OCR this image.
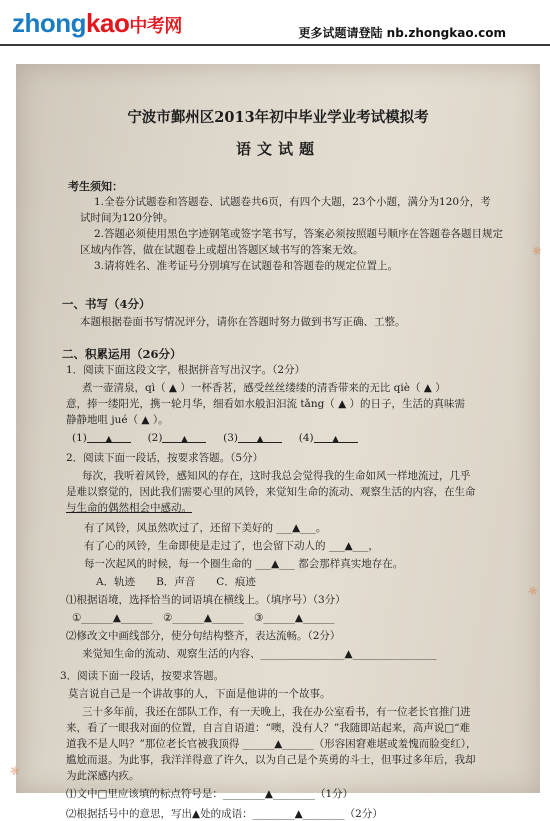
zhongkao中考网	更多试题请登陆 nb.zhongkao.com
✱
✱
✱
宁波市鄞州区2013年初中毕业学业考试模拟考
语文试题
考生须知：
1.全卷分试题卷和答题卷、试题卷共6页，有四个大题，23个小题，满分为120分，考
试时间为120分钟。
2.答题必须使用黑色字迹钢笔或签字笔书写，答案必须按照题号顺序在答题卷各题目规定
区域内作答，做在试题卷上或超出答题区域书写的答案无效。
3.请将姓名、准考证号分别填写在试题卷和答题卷的规定位置上。
一、书写（4分）
本题根据卷面书写情况评分，请你在答题时努力做到书写正确、工整。
二、积累运用（26分）
1．阅读下面这段文字，根据拼音写出汉字。（2分）
煮一壶清泉，qì（ ▲ ）一杯香茗，感受丝丝缕缕的清香带来的无比 qiè（ ▲ ）
意，捧一缕阳光，携一轮月华，细看如水般汩汩流 tǎng（ ▲ ）的日子，生活的真味需
静静地咀 jué（ ▲ ）。
(1) ▲	(2) ▲	(3) ▲	(4) ▲
2．阅读下面一段话，按要求答题。（5分）
每次，我听着风铃，感知风的存在，这时我总会觉得我的生命如风一样地流过，几乎
是难以察觉的，因此我们需要心里的风铃，来觉知生命的流动、观察生活的内容，在生命
与生命的偶然相会中感动。
有了风铃，风虽然吹过了，还留下美好的 ___▲___。
有了心的风铃，生命即使是走过了，也会留下动人的 ___▲___，
每一次起风的时候，每一个圈生命的 ___▲___ 都会那样真实地存在。
A．轨迹　　B．声音　　C．痕迹
⑴根据语境，选择恰当的词语填在横线上。（填序号）（3分）
①______▲______　②______▲______　③______▲______
⑵修改文中画线部分，使分句结构整齐，表达流畅。（2分）
来觉知生命的流动、观察生活的内容、________________▲________________
3．阅读下面一段话，按要求答题。
莫言说自己是一个讲故事的人，下面是他讲的一个故事。
三十多年前，我还在部队工作，有一天晚上，我在办公室看书，有一位老长官推门进
来，看了一眼我对面的位置，自言自语道：“噢，没有人？”我随即站起来，高声说□“难
道我不是人吗？”那位老长官被我顶得 ______▲______（形容困窘难堪或羞愧而脸变红），
尴尬而退。为此事，我洋洋得意了许久，以为自己是个英勇的斗士，但事过多年后，我却
为此深感内疚。
⑴文中□里应该填的标点符号是：________▲________（1分）
⑵根据括号中的意思，写出▲处的成语：________▲________（2分）
